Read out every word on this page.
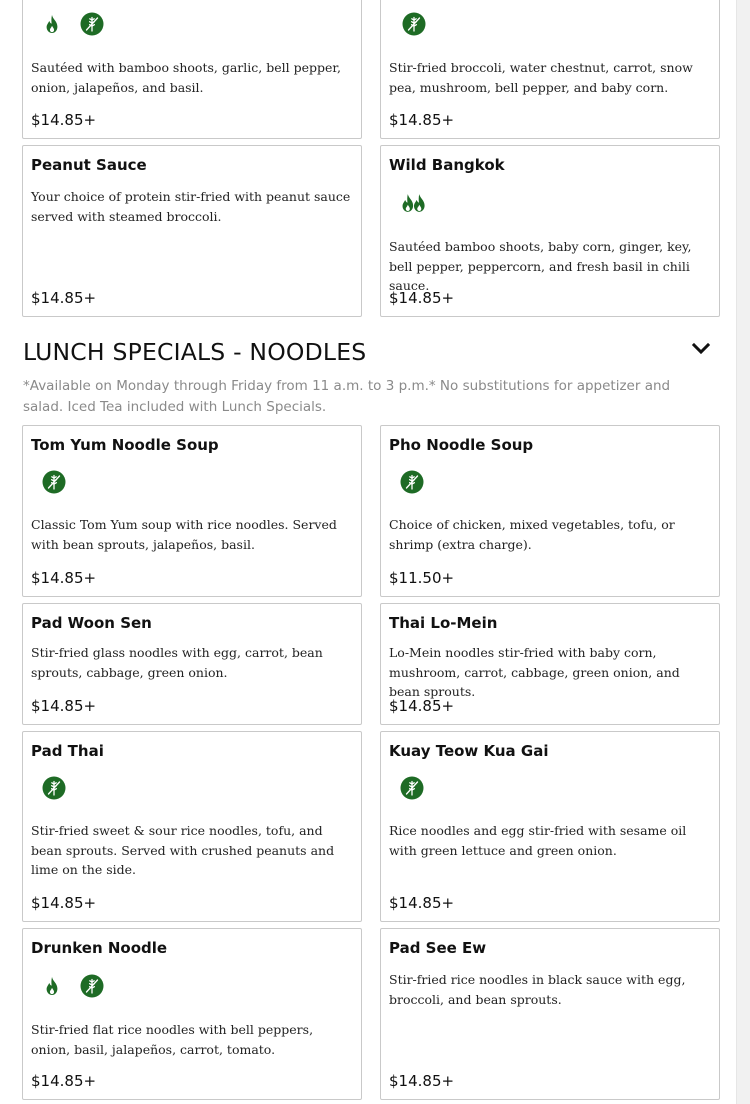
Sautéed with bamboo shoots, garlic, bell pepper, onion, jalapeños, and basil.
$14.85+
Stir-fried broccoli, water chestnut, carrot, snow pea, mushroom, bell pepper, and baby corn.
$14.85+
Peanut Sauce
Your choice of protein stir-fried with peanut sauce served with steamed broccoli.
$14.85+
Wild Bangkok
Sautéed bamboo shoots, baby corn, ginger, key, bell pepper, peppercorn, and fresh basil in chili sauce.
$14.85+
LUNCH SPECIALS - NOODLES

*Available on Monday through Friday from 11 a.m. to 3 p.m.* No substitutions for appetizer and salad. Iced Tea included with Lunch Specials.

Tom Yum Noodle Soup
Classic Tom Yum soup with rice noodles. Served with bean sprouts, jalapeños, basil.
$14.85+
Pho Noodle Soup
Choice of chicken, mixed vegetables, tofu, or shrimp (extra charge).
$11.50+
Pad Woon Sen
Stir-fried glass noodles with egg, carrot, bean sprouts, cabbage, green onion.
$14.85+
Thai Lo-Mein
Lo-Mein noodles stir-fried with baby corn, mushroom, carrot, cabbage, green onion, and bean sprouts.
$14.85+
Pad Thai
Stir-fried sweet & sour rice noodles, tofu, and bean sprouts. Served with crushed peanuts and lime on the side.
$14.85+
Kuay Teow Kua Gai
Rice noodles and egg stir-fried with sesame oil with green lettuce and green onion.
$14.85+
Drunken Noodle
Stir-fried flat rice noodles with bell peppers, onion, basil, jalapeños, carrot, tomato.
$14.85+
Pad See Ew
Stir-fried rice noodles in black sauce with egg, broccoli, and bean sprouts.
$14.85+
